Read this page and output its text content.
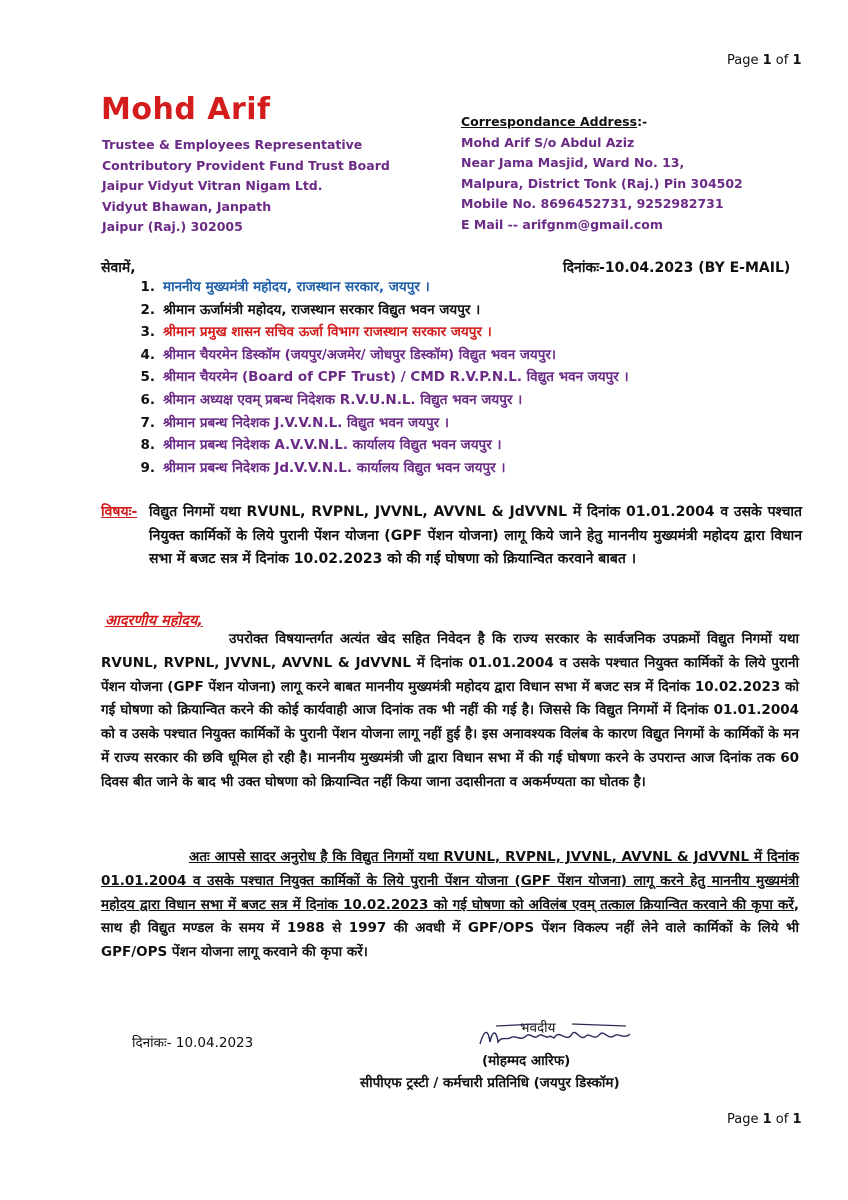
Page 1 of 1
Mohd Arif
Trustee & Employees Representative
Contributory Provident Fund Trust Board
Jaipur Vidyut Vitran Nigam Ltd.
Vidyut Bhawan, Janpath
Jaipur (Raj.) 302005
Correspondance Address:-
Mohd Arif S/o Abdul Aziz
Near Jama Masjid, Ward No. 13,
Malpura, District Tonk (Raj.) Pin 304502
Mobile No. 8696452731, 9252982731
E Mail -- arifgnm@gmail.com
सेवामें,	दिनांकः-10.04.2023 (BY E-MAIL)
1. माननीय मुख्यमंत्री महोदय, राजस्थान सरकार, जयपुर ।
2. श्रीमान ऊर्जामंत्री महोदय, राजस्थान सरकार विद्युत भवन जयपुर ।
3. श्रीमान प्रमुख शासन सचिव ऊर्जा विभाग राजस्थान सरकार जयपुर ।
4. श्रीमान चैयरमेन डिस्कॉम (जयपुर/अजमेर/ जोधपुर डिस्कॉम) विद्युत भवन जयपुर।
5. श्रीमान चैयरमेन (Board of CPF Trust) / CMD R.V.P.N.L. विद्युत भवन जयपुर ।
6. श्रीमान अध्यक्ष एवम् प्रबन्ध निदेशक R.V.U.N.L. विद्युत भवन जयपुर ।
7. श्रीमान प्रबन्ध निदेशक J.V.V.N.L. विद्युत भवन जयपुर ।
8. श्रीमान प्रबन्ध निदेशक A.V.V.N.L. कार्यालय विद्युत भवन जयपुर ।
9. श्रीमान प्रबन्ध निदेशक Jd.V.V.N.L. कार्यालय विद्युत भवन जयपुर ।
विषयः- विद्युत निगमों यथा RVUNL, RVPNL, JVVNL, AVVNL & JdVVNL में दिनांक 01.01.2004 व उसके पश्चात नियुक्त कार्मिकों के लिये पुरानी पेंशन योजना (GPF पेंशन योजना) लागू किये जाने हेतु माननीय मुख्यमंत्री महोदय द्वारा विधान सभा में बजट सत्र में दिनांक 10.02.2023 को की गई घोषणा को क्रियान्वित करवाने बाबत ।
आदरणीय महोदय,
उपरोक्त विषयान्तर्गत अत्यंत खेद सहित निवेदन है कि राज्य सरकार के सार्वजनिक उपक्रमों विद्युत निगमों यथा RVUNL, RVPNL, JVVNL, AVVNL & JdVVNL में दिनांक 01.01.2004 व उसके पश्चात नियुक्त कार्मिकों के लिये पुरानी पेंशन योजना (GPF पेंशन योजना) लागू करने बाबत माननीय मुख्यमंत्री महोदय द्वारा विधान सभा में बजट सत्र में दिनांक 10.02.2023 को गई घोषणा को क्रियान्वित करने की कोई कार्यवाही आज दिनांक तक भी नहीं की गई है। जिससे कि विद्युत निगमों में दिनांक 01.01.2004 को व उसके पश्चात नियुक्त कार्मिकों के पुरानी पेंशन योजना लागू नहीं हुई है। इस अनावश्यक विलंब के कारण विद्युत निगमों के कार्मिकों के मन में राज्य सरकार की छवि धूमिल हो रही है। माननीय मुख्यमंत्री जी द्वारा विधान सभा में की गई घोषणा करने के उपरान्त आज दिनांक तक 60 दिवस बीत जाने के बाद भी उक्त घोषणा को क्रियान्वित नहीं किया जाना उदासीनता व अकर्मण्यता का घोतक है।
अतः आपसे सादर अनुरोध है कि विद्युत निगमों यथा RVUNL, RVPNL, JVVNL, AVVNL & JdVVNL में दिनांक 01.01.2004 व उसके पश्चात नियुक्त कार्मिकों के लिये पुरानी पेंशन योजना (GPF पेंशन योजना) लागू करने हेतु माननीय मुख्यमंत्री महोदय द्वारा विधान सभा में बजट सत्र में दिनांक 10.02.2023 को गई घोषणा को अविलंब एवम् तत्काल क्रियान्वित करवाने की कृपा करें, साथ ही विद्युत मण्डल के समय में 1988 से 1997 की अवधी में GPF/OPS पेंशन विकल्प नहीं लेने वाले कार्मिकों के लिये भी GPF/OPS पेंशन योजना लागू करवाने की कृपा करें।
भवदीय
दिनांकः- 10.04.2023
(मोहम्मद आरिफ)
सीपीएफ ट्रस्टी / कर्मचारी प्रतिनिधि (जयपुर डिस्कॉम)
Page 1 of 1
